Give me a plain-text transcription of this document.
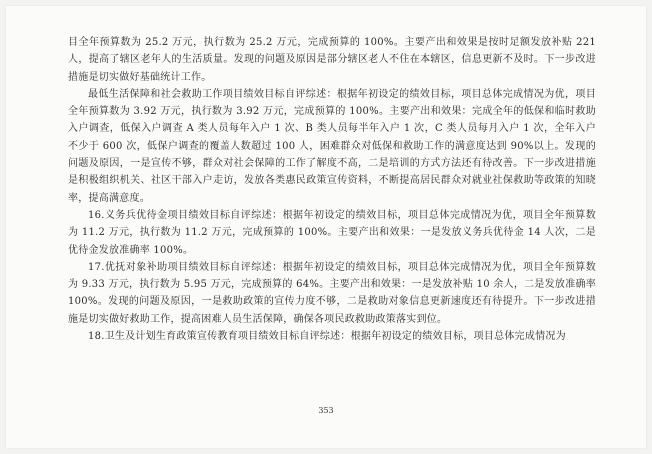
目全年预算数为 25.2 万元，执行数为 25.2 万元，完成预算的 100%。主要产出和效果是按时足额发放补贴 221 人，提高了辖区老年人的生活质量。发现的问题及原因是部分辖区老人不住在本辖区，信息更新不及时。下一步改进措施是切实做好基础统计工作。

最低生活保障和社会救助工作项目绩效目标自评综述：根据年初设定的绩效目标，项目总体完成情况为优，项目全年预算数为 3.92 万元，执行数为 3.92 万元，完成预算的 100%。主要产出和效果：完成全年的低保和临时救助入户调查，低保入户调查 A 类人员每年入户 1 次、B 类人员每半年入户 1 次，C 类人员每月入户 1 次，全年入户不少于 600 次，低保户调查的覆盖人数超过 100 人，困难群众对低保和救助工作的满意度达到 90%以上。发现的问题及原因，一是宣传不够，群众对社会保障的工作了解度不高，二是培训的方式方法还有待改善。下一步改进措施是积极组织机关、社区干部入户走访，发放各类惠民政策宣传资料，不断提高居民群众对就业社保救助等政策的知晓率，提高满意度。

16.义务兵优待金项目绩效目标自评综述：根据年初设定的绩效目标，项目总体完成情况为优，项目全年预算数为 11.2 万元，执行数为 11.2 万元，完成预算的 100%。主要产出和效果：一是发放义务兵优待金 14 人次，二是优待金发放准确率 100%。

17.优抚对象补助项目绩效目标自评综述：根据年初设定的绩效目标，项目总体完成情况为优，项目全年预算数为 9.33 万元，执行数为 5.95 万元，完成预算的 64%。主要产出和效果：一是发放补贴 10 余人，二是发放准确率 100%。发现的问题及原因，一是救助政策的宣传力度不够，二是救助对象信息更新速度还有待提升。下一步改进措施是切实做好救助工作，提高困难人员生活保障，确保各项民政救助政策落实到位。

18.卫生及计划生育政策宣传教育项目绩效目标自评综述：根据年初设定的绩效目标，项目总体完成情况为

353
